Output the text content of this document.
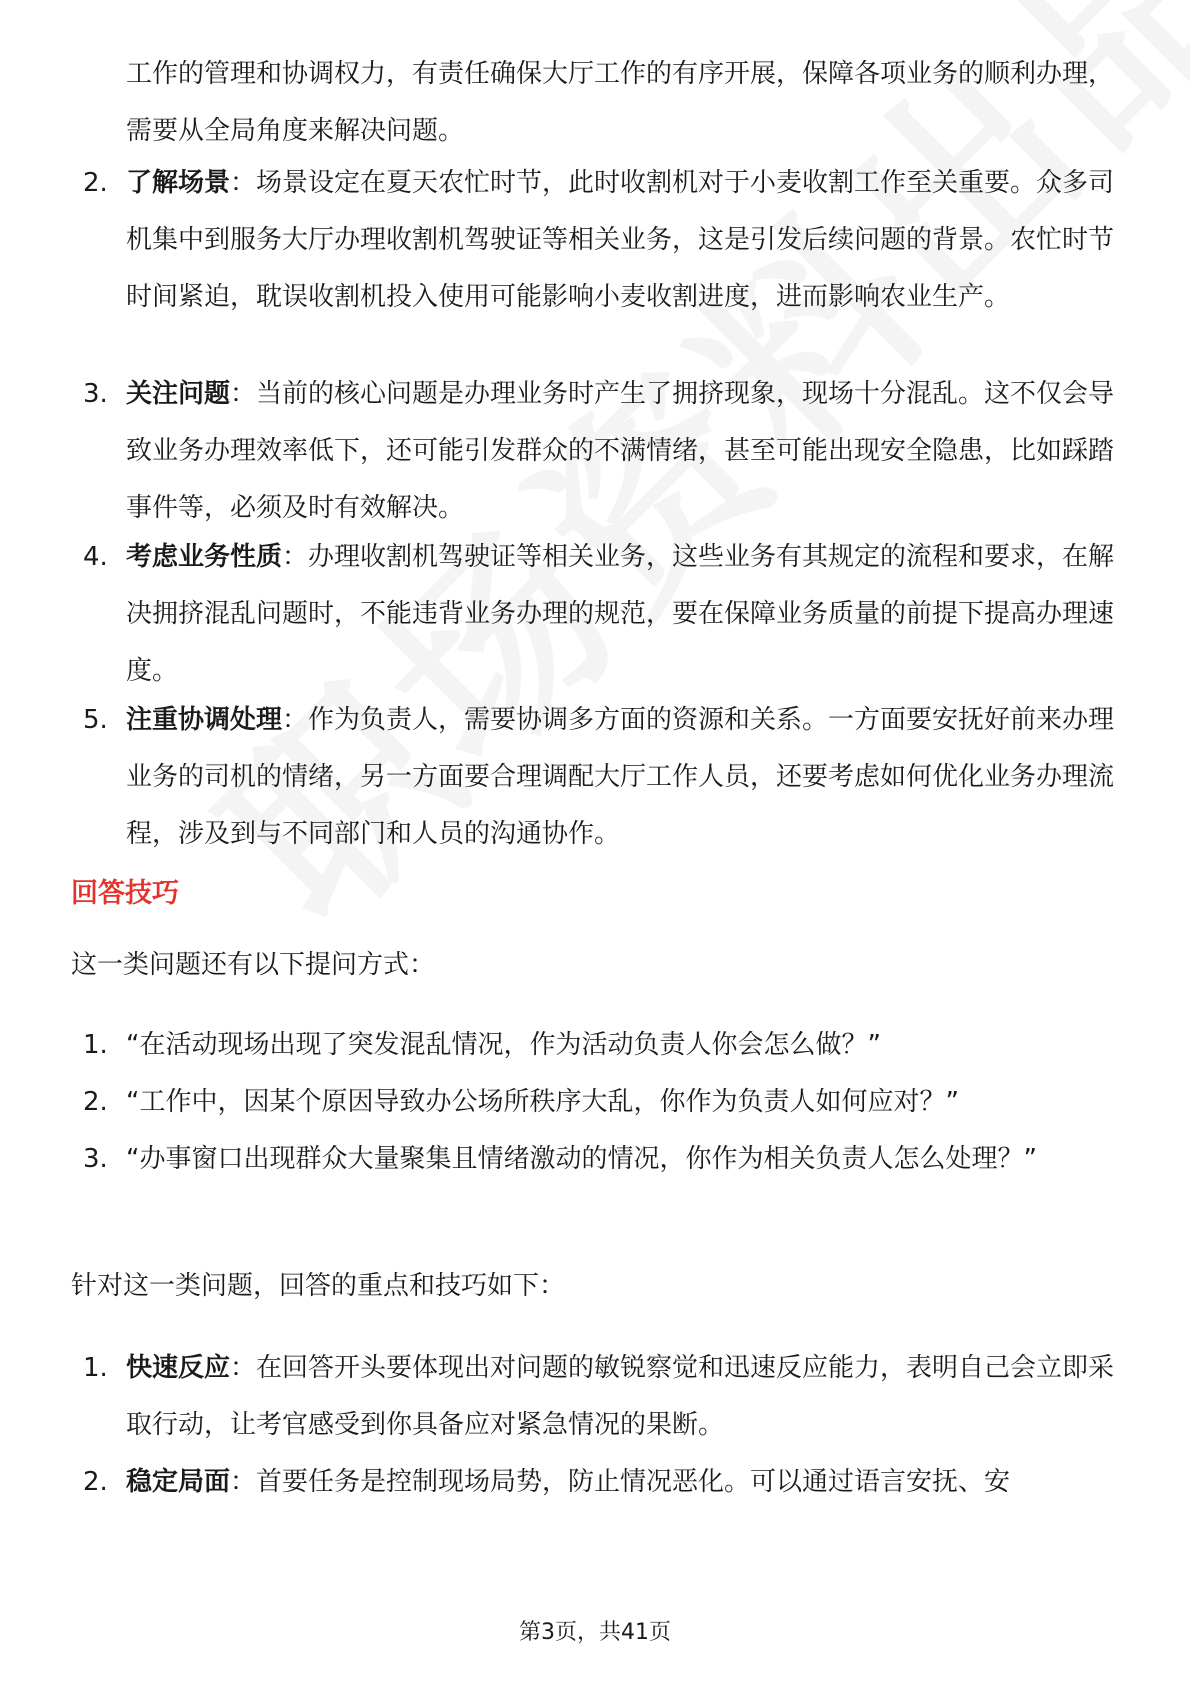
工作的管理和协调权力，有责任确保大厅工作的有序开展，保障各项业务的顺利办理，需要从全局角度来解决问题。
2. 了解场景：场景设定在夏天农忙时节，此时收割机对于小麦收割工作至关重要。众多司机集中到服务大厅办理收割机驾驶证等相关业务，这是引发后续问题的背景。农忙时节时间紧迫，耽误收割机投入使用可能影响小麦收割进度，进而影响农业生产。
3. 关注问题：当前的核心问题是办理业务时产生了拥挤现象，现场十分混乱。这不仅会导致业务办理效率低下，还可能引发群众的不满情绪，甚至可能出现安全隐患，比如踩踏事件等，必须及时有效解决。
4. 考虑业务性质：办理收割机驾驶证等相关业务，这些业务有其规定的流程和要求，在解决拥挤混乱问题时，不能违背业务办理的规范，要在保障业务质量的前提下提高办理速度。
5. 注重协调处理：作为负责人，需要协调多方面的资源和关系。一方面要安抚好前来办理业务的司机的情绪，另一方面要合理调配大厅工作人员，还要考虑如何优化业务办理流程，涉及到与不同部门和人员的沟通协作。
回答技巧
这一类问题还有以下提问方式：
1. “在活动现场出现了突发混乱情况，作为活动负责人你会怎么做？”
2. “工作中，因某个原因导致办公场所秩序大乱，你作为负责人如何应对？”
3. “办事窗口出现群众大量聚集且情绪激动的情况，你作为相关负责人怎么处理？”
针对这一类问题，回答的重点和技巧如下：
1. 快速反应：在回答开头要体现出对问题的敏锐察觉和迅速反应能力，表明自己会立即采取行动，让考官感受到你具备应对紧急情况的果断。
2. 稳定局面：首要任务是控制现场局势，防止情况恶化。可以通过语言安抚、安
第3页，共41页
